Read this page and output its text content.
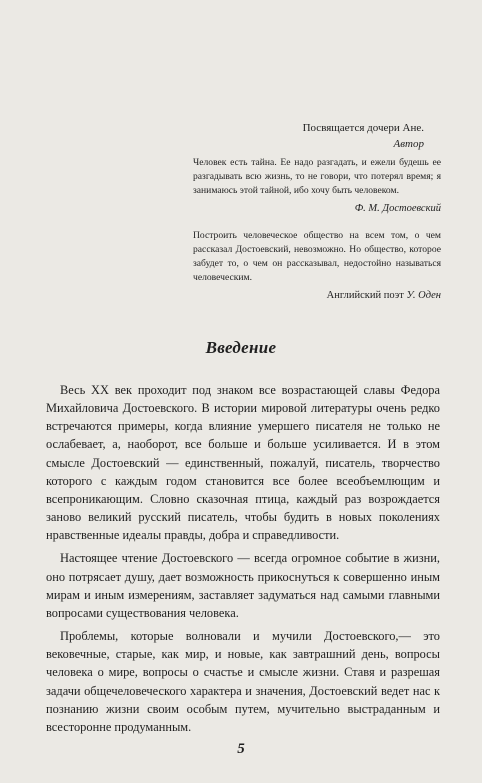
Посвящается дочери Ане.
Автор

Человек есть тайна. Ее надо разгадать, и ежели будешь ее разгадывать всю жизнь, то не говори, что потерял время; я занимаюсь этой тайной, ибо хочу быть человеком.

Ф. М. Достоевский

Построить человеческое общество на всем том, о чем рассказал Достоевский, невозможно. Но общество, которое забудет то, о чем он рассказывал, недостойно называться человеческим.

Английский поэт У. Оден
Введение

Весь XX век проходит под знаком все возрастающей славы Федора Михайловича Достоевского. В истории мировой литературы очень редко встречаются примеры, когда влияние умершего писателя не только не ослабевает, а, наоборот, все больше и больше усиливается. И в этом смысле Достоевский — единственный, пожалуй, писатель, творчество которого с каждым годом становится все более всеобъемлющим и всепроникающим. Словно сказочная птица, каждый раз возрождается заново великий русский писатель, чтобы будить в новых поколениях нравственные идеалы правды, добра и справедливости.

Настоящее чтение Достоевского — всегда огромное событие в жизни, оно потрясает душу, дает возможность прикоснуться к совершенно иным мирам и иным измерениям, заставляет задуматься над самыми главными вопросами существования человека.

Проблемы, которые волновали и мучили Достоевского,— это вековечные, старые, как мир, и новые, как завтрашний день, вопросы человека о мире, вопросы о счастье и смысле жизни. Ставя и разрешая задачи общечеловеческого характера и значения, Достоевский ведет нас к познанию жизни своим особым путем, мучительно выстраданным и всесторонне продуманным.

5
